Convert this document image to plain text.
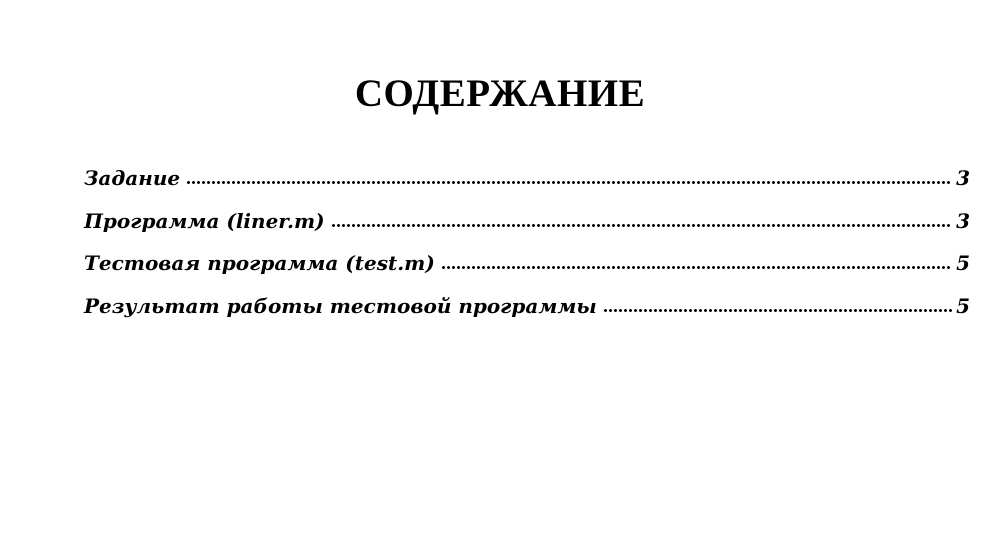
СОДЕРЖАНИЕ
Задание	3
Программа (liner.m)	3
Тестовая программа (test.m)	5
Результат работы тестовой программы	5
